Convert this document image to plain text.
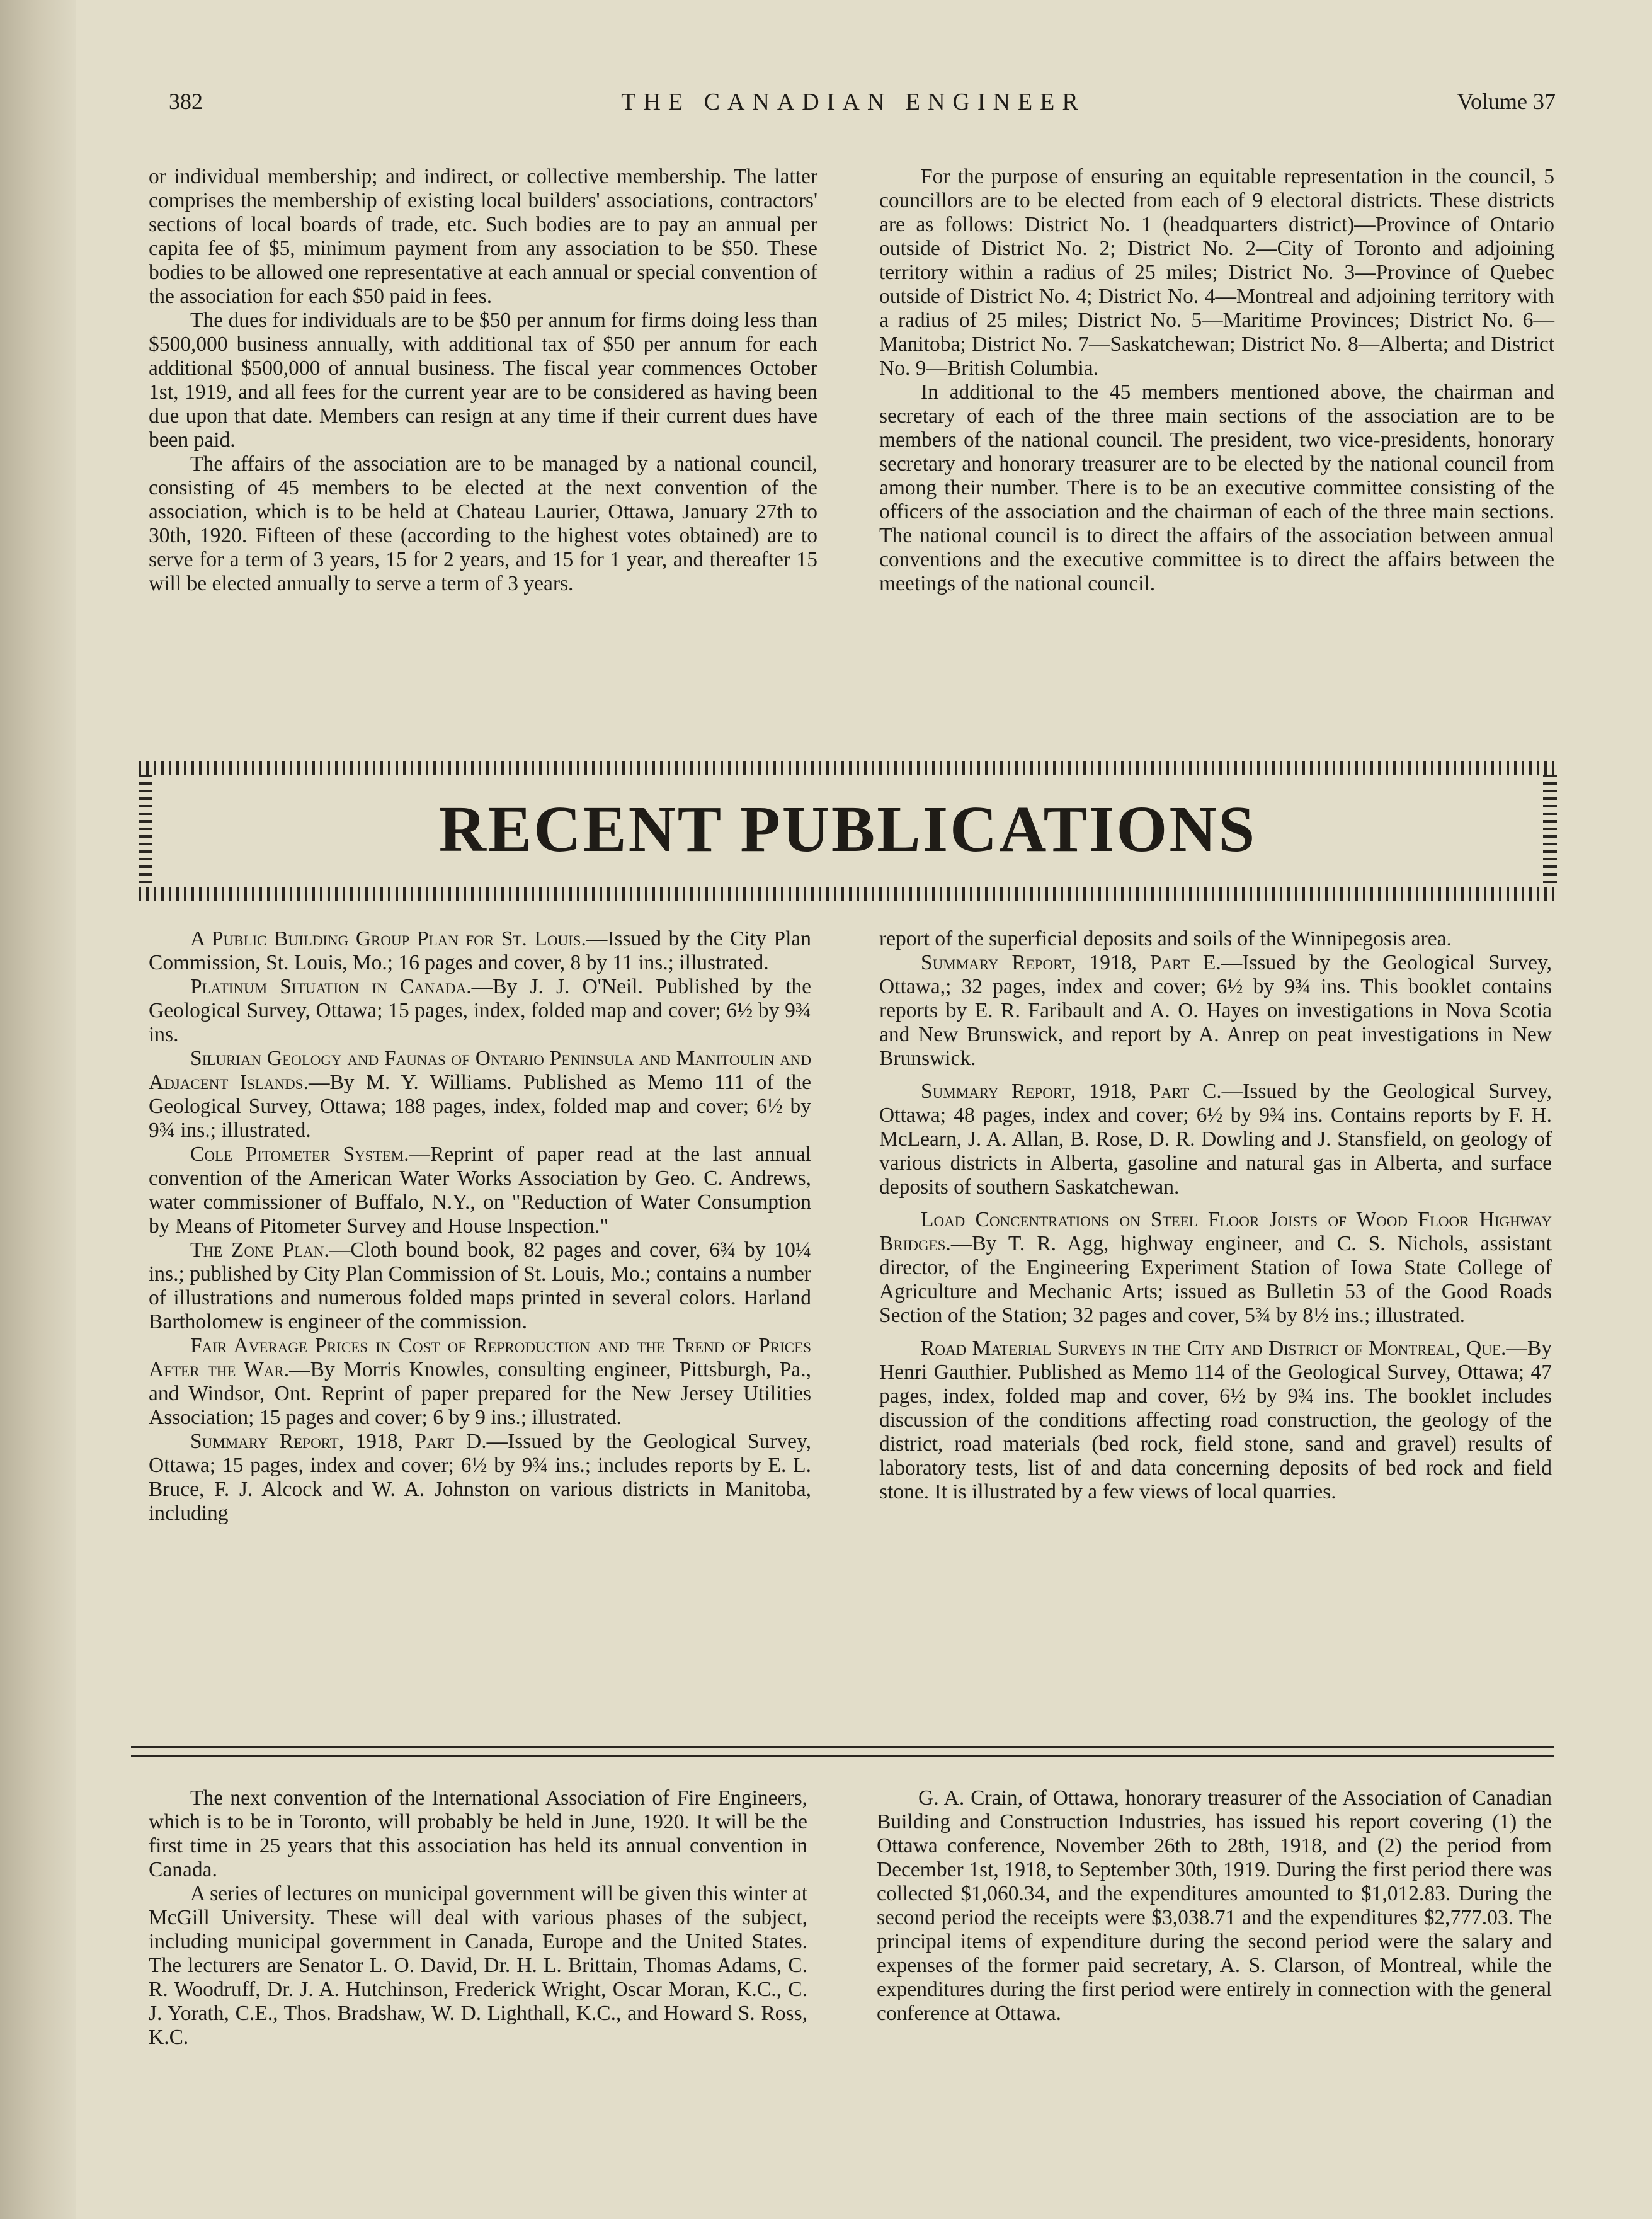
382	THE CANADIAN ENGINEER	Volume 37

or individual membership; and indirect, or collective membership. The latter comprises the membership of existing local builders' associations, contractors' sections of local boards of trade, etc. Such bodies are to pay an annual per capita fee of $5, minimum payment from any association to be $50. These bodies to be allowed one representative at each annual or special convention of the association for each $50 paid in fees.

The dues for individuals are to be $50 per annum for firms doing less than $500,000 business annually, with additional tax of $50 per annum for each additional $500,000 of annual business. The fiscal year commences October 1st, 1919, and all fees for the current year are to be considered as having been due upon that date. Members can resign at any time if their current dues have been paid.

The affairs of the association are to be managed by a national council, consisting of 45 members to be elected at the next convention of the association, which is to be held at Chateau Laurier, Ottawa, January 27th to 30th, 1920. Fifteen of these (according to the highest votes obtained) are to serve for a term of 3 years, 15 for 2 years, and 15 for 1 year, and thereafter 15 will be elected annually to serve a term of 3 years.

For the purpose of ensuring an equitable representation in the council, 5 councillors are to be elected from each of 9 electoral districts. These districts are as follows: District No. 1 (headquarters district)—Province of Ontario outside of District No. 2; District No. 2—City of Toronto and adjoining territory within a radius of 25 miles; District No. 3—Province of Quebec outside of District No. 4; District No. 4—Montreal and adjoining territory with a radius of 25 miles; District No. 5—Maritime Provinces; District No. 6—Manitoba; District No. 7—Saskatchewan; District No. 8—Alberta; and District No. 9—British Columbia.

In additional to the 45 members mentioned above, the chairman and secretary of each of the three main sections of the association are to be members of the national council. The president, two vice-presidents, honorary secretary and honorary treasurer are to be elected by the national council from among their number. There is to be an executive committee consisting of the officers of the association and the chairman of each of the three main sections. The national council is to direct the affairs of the association between annual conventions and the executive committee is to direct the affairs between the meetings of the national council.

RECENT PUBLICATIONS

A Public Building Group Plan for St. Louis.—Issued by the City Plan Commission, St. Louis, Mo.; 16 pages and cover, 8 by 11 ins.; illustrated.

Platinum Situation in Canada.—By J. J. O'Neil. Published by the Geological Survey, Ottawa; 15 pages, index, folded map and cover; 6½ by 9¾ ins.

Silurian Geology and Faunas of Ontario Peninsula and Manitoulin and Adjacent Islands.—By M. Y. Williams. Published as Memo 111 of the Geological Survey, Ottawa; 188 pages, index, folded map and cover; 6½ by 9¾ ins.; illustrated.

Cole Pitometer System.—Reprint of paper read at the last annual convention of the American Water Works Association by Geo. C. Andrews, water commissioner of Buffalo, N.Y., on "Reduction of Water Consumption by Means of Pitometer Survey and House Inspection."

The Zone Plan.—Cloth bound book, 82 pages and cover, 6¾ by 10¼ ins.; published by City Plan Commission of St. Louis, Mo.; contains a number of illustrations and numerous folded maps printed in several colors. Harland Bartholomew is engineer of the commission.

Fair Average Prices in Cost of Reproduction and the Trend of Prices After the War.—By Morris Knowles, consulting engineer, Pittsburgh, Pa., and Windsor, Ont. Reprint of paper prepared for the New Jersey Utilities Association; 15 pages and cover; 6 by 9 ins.; illustrated.

Summary Report, 1918, Part D.—Issued by the Geological Survey, Ottawa; 15 pages, index and cover; 6½ by 9¾ ins.; includes reports by E. L. Bruce, F. J. Alcock and W. A. Johnston on various districts in Manitoba, including

report of the superficial deposits and soils of the Winnipegosis area.

Summary Report, 1918, Part E.—Issued by the Geological Survey, Ottawa,; 32 pages, index and cover; 6½ by 9¾ ins. This booklet contains reports by E. R. Faribault and A. O. Hayes on investigations in Nova Scotia and New Brunswick, and report by A. Anrep on peat investigations in New Brunswick.

Summary Report, 1918, Part C.—Issued by the Geological Survey, Ottawa; 48 pages, index and cover; 6½ by 9¾ ins. Contains reports by F. H. McLearn, J. A. Allan, B. Rose, D. R. Dowling and J. Stansfield, on geology of various districts in Alberta, gasoline and natural gas in Alberta, and surface deposits of southern Saskatchewan.

Load Concentrations on Steel Floor Joists of Wood Floor Highway Bridges.—By T. R. Agg, highway engineer, and C. S. Nichols, assistant director, of the Engineering Experiment Station of Iowa State College of Agriculture and Mechanic Arts; issued as Bulletin 53 of the Good Roads Section of the Station; 32 pages and cover, 5¾ by 8½ ins.; illustrated.

Road Material Surveys in the City and District of Montreal, Que.—By Henri Gauthier. Published as Memo 114 of the Geological Survey, Ottawa; 47 pages, index, folded map and cover, 6½ by 9¾ ins. The booklet includes discussion of the conditions affecting road construction, the geology of the district, road materials (bed rock, field stone, sand and gravel) results of laboratory tests, list of and data concerning deposits of bed rock and field stone. It is illustrated by a few views of local quarries.

The next convention of the International Association of Fire Engineers, which is to be in Toronto, will probably be held in June, 1920. It will be the first time in 25 years that this association has held its annual convention in Canada.

A series of lectures on municipal government will be given this winter at McGill University. These will deal with various phases of the subject, including municipal government in Canada, Europe and the United States. The lecturers are Senator L. O. David, Dr. H. L. Brittain, Thomas Adams, C. R. Woodruff, Dr. J. A. Hutchinson, Frederick Wright, Oscar Moran, K.C., C. J. Yorath, C.E., Thos. Bradshaw, W. D. Lighthall, K.C., and Howard S. Ross, K.C.

G. A. Crain, of Ottawa, honorary treasurer of the Association of Canadian Building and Construction Industries, has issued his report covering (1) the Ottawa conference, November 26th to 28th, 1918, and (2) the period from December 1st, 1918, to September 30th, 1919. During the first period there was collected $1,060.34, and the expenditures amounted to $1,012.83. During the second period the receipts were $3,038.71 and the expenditures $2,777.03. The principal items of expenditure during the second period were the salary and expenses of the former paid secretary, A. S. Clarson, of Montreal, while the expenditures during the first period were entirely in connection with the general conference at Ottawa.
